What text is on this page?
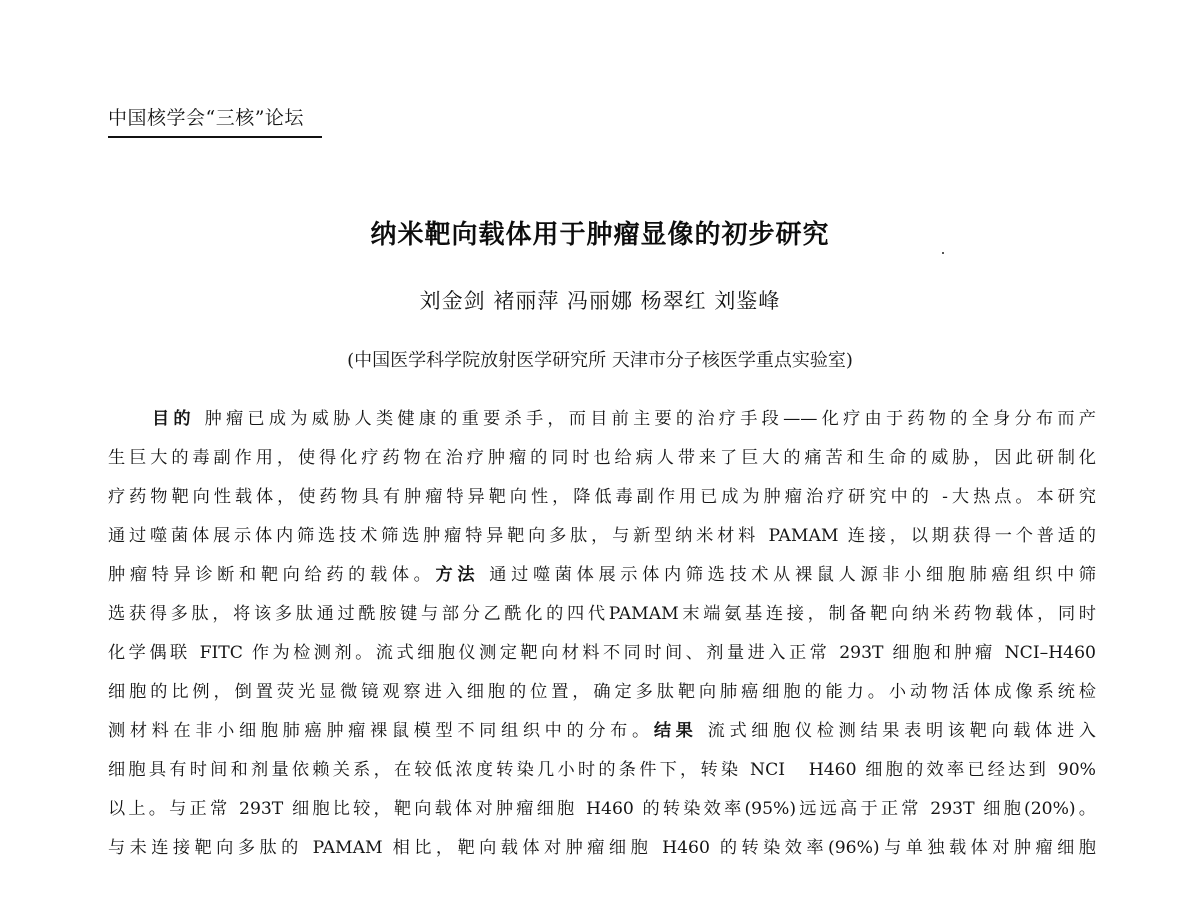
中国核学会“三核”论坛
纳米靶向载体用于肿瘤显像的初步研究
刘金剑 褚丽萍 冯丽娜 杨翠红 刘鉴峰
(中国医学科学院放射医学研究所 天津市分子核医学重点实验室)
目的 肿瘤已成为威胁人类健康的重要杀手，而目前主要的治疗手段——化疗由于药物的全身分布而产
生巨大的毒副作用，使得化疗药物在治疗肿瘤的同时也给病人带来了巨大的痛苦和生命的威胁，因此研制化
疗药物靶向性载体，使药物具有肿瘤特异靶向性，降低毒副作用已成为肿瘤治疗研究中的 -大热点。本研究
通过噬菌体展示体内筛选技术筛选肿瘤特异靶向多肽，与新型纳米材料 PAMAM 连接，以期获得一个普适的
肿瘤特异诊断和靶向给药的载体。方法 通过噬菌体展示体内筛选技术从裸鼠人源非小细胞肺癌组织中筛
选获得多肽，将该多肽通过酰胺键与部分乙酰化的四代PAMAM末端氨基连接，制备靶向纳米药物载体，同时
化学偶联 FITC 作为检测剂。流式细胞仪测定靶向材料不同时间、剂量进入正常 293T 细胞和肿瘤 NCI–H460
细胞的比例，倒置荧光显微镜观察进入细胞的位置，确定多肽靶向肺癌细胞的能力。小动物活体成像系统检
测材料在非小细胞肺癌肿瘤裸鼠模型不同组织中的分布。结果 流式细胞仪检测结果表明该靶向载体进入
细胞具有时间和剂量依赖关系，在较低浓度转染几小时的条件下，转染 NCI　H460 细胞的效率已经达到 90%
以上。与正常 293T 细胞比较，靶向载体对肿瘤细胞 H460 的转染效率(95%)远远高于正常 293T 细胞(20%)。
与未连接靶向多肽的 PAMAM 相比，靶向载体对肿瘤细胞 H460 的转染效率(96%)与单独载体对肿瘤细胞
